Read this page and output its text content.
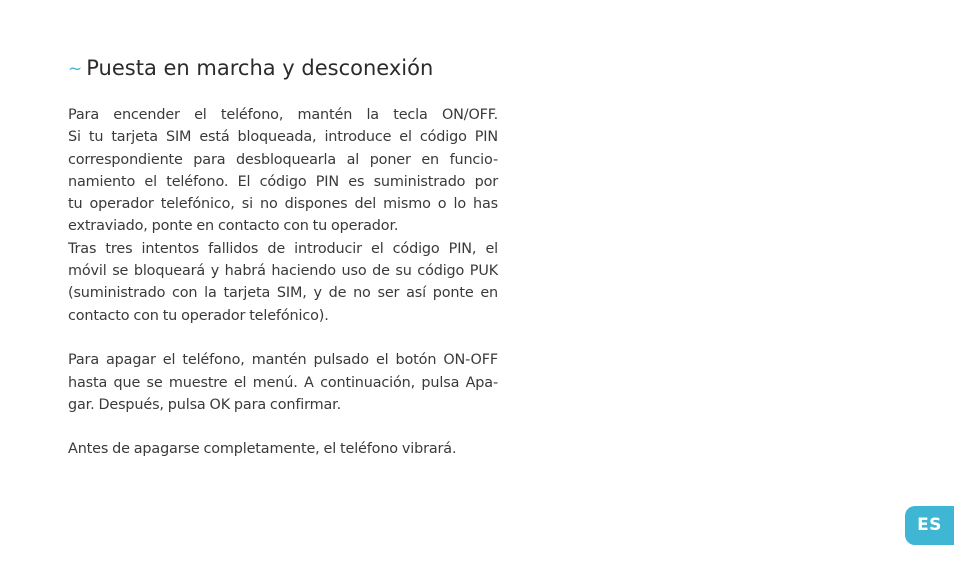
~ Puesta en marcha y desconexión
Para encender el teléfono, mantén la tecla ON/OFF.
Si tu tarjeta SIM está bloqueada, introduce el código PIN
correspondiente para desbloquearla al poner en funcio-
namiento el teléfono. El código PIN es suministrado por
tu operador telefónico, si no dispones del mismo o lo has
extraviado, ponte en contacto con tu operador.
Tras tres intentos fallidos de introducir el código PIN, el
móvil se bloqueará y habrá haciendo uso de su código PUK
(suministrado con la tarjeta SIM, y de no ser así ponte en
contacto con tu operador telefónico).
Para apagar el teléfono, mantén pulsado el botón ON-OFF
hasta que se muestre el menú. A continuación, pulsa Apa-
gar. Después, pulsa OK para confirmar.
Antes de apagarse completamente, el teléfono vibrará.
ES
